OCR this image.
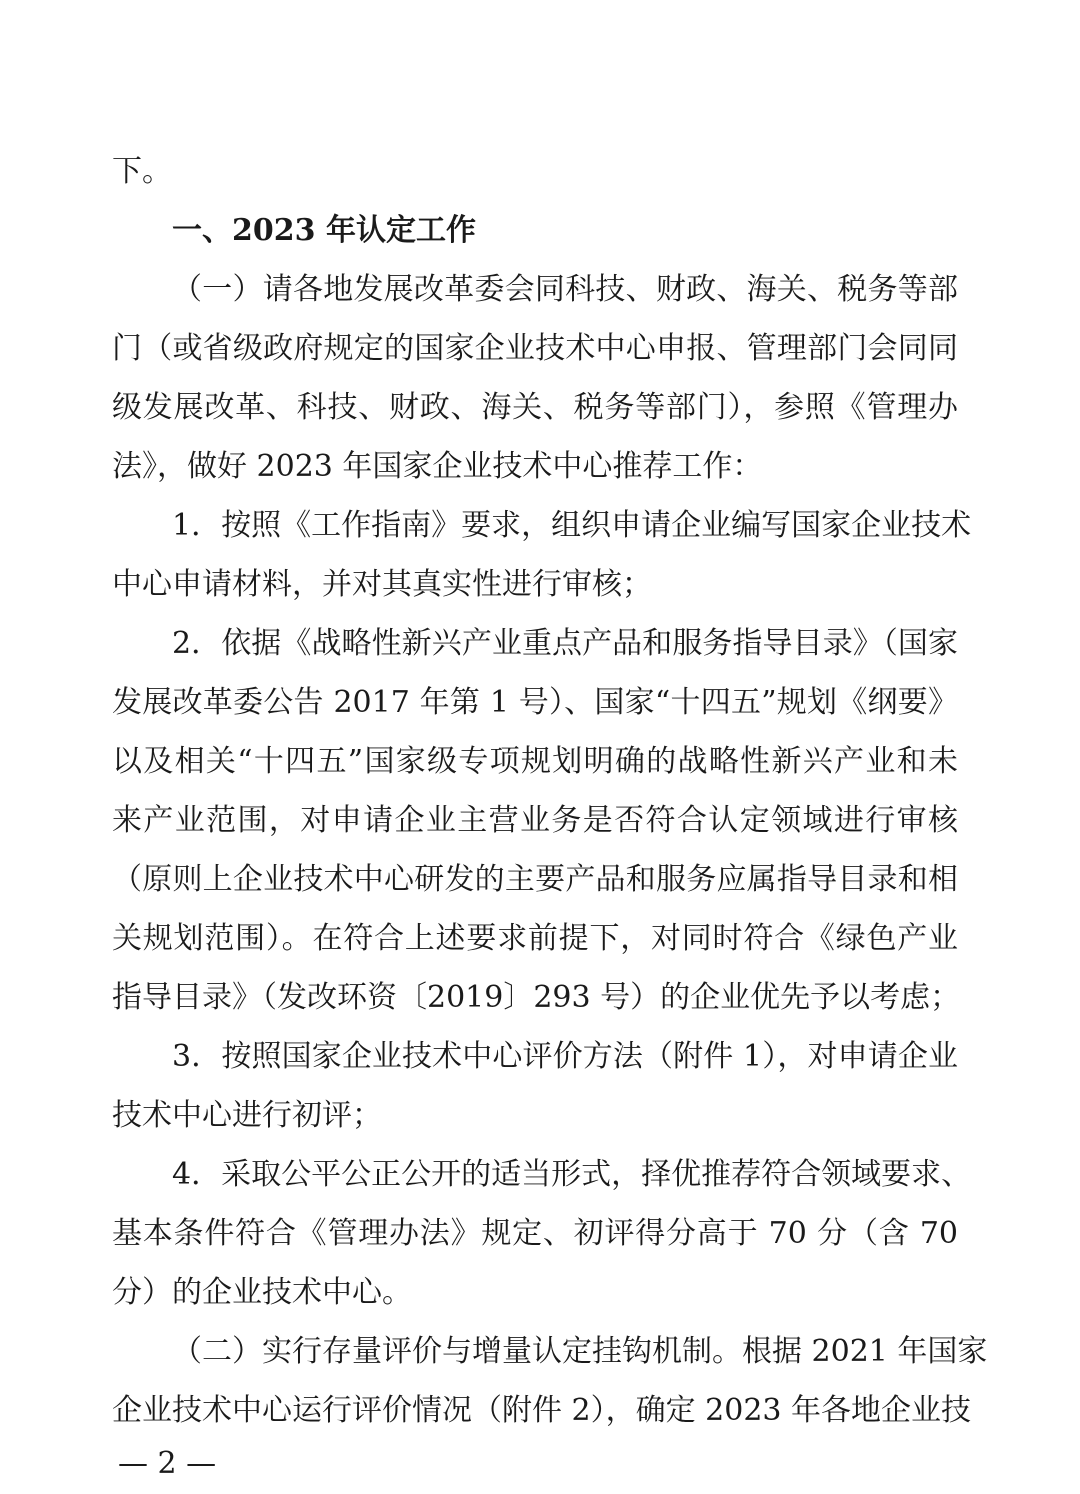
下。
一、2023 年认定工作
（一）请各地发展改革委会同科技、财政、海关、税务等部
门（或省级政府规定的国家企业技术中心申报、管理部门会同同
级发展改革、科技、财政、海关、税务等部门），参照《管理办
法》，做好 2023 年国家企业技术中心推荐工作：
1．按照《工作指南》要求，组织申请企业编写国家企业技术
中心申请材料，并对其真实性进行审核；
2．依据《战略性新兴产业重点产品和服务指导目录》（国家
发展改革委公告 2017 年第 1 号）、国家“十四五”规划《纲要》
以及相关“十四五”国家级专项规划明确的战略性新兴产业和未
来产业范围，对申请企业主营业务是否符合认定领域进行审核
（原则上企业技术中心研发的主要产品和服务应属指导目录和相
关规划范围）。在符合上述要求前提下，对同时符合《绿色产业
指导目录》（发改环资〔2019〕293 号）的企业优先予以考虑；
3．按照国家企业技术中心评价方法（附件 1），对申请企业
技术中心进行初评；
4．采取公平公正公开的适当形式，择优推荐符合领域要求、
基本条件符合《管理办法》规定、初评得分高于 70 分（含 70
分）的企业技术中心。
（二）实行存量评价与增量认定挂钩机制。根据 2021 年国家
企业技术中心运行评价情况（附件 2），确定 2023 年各地企业技
— 2 —
